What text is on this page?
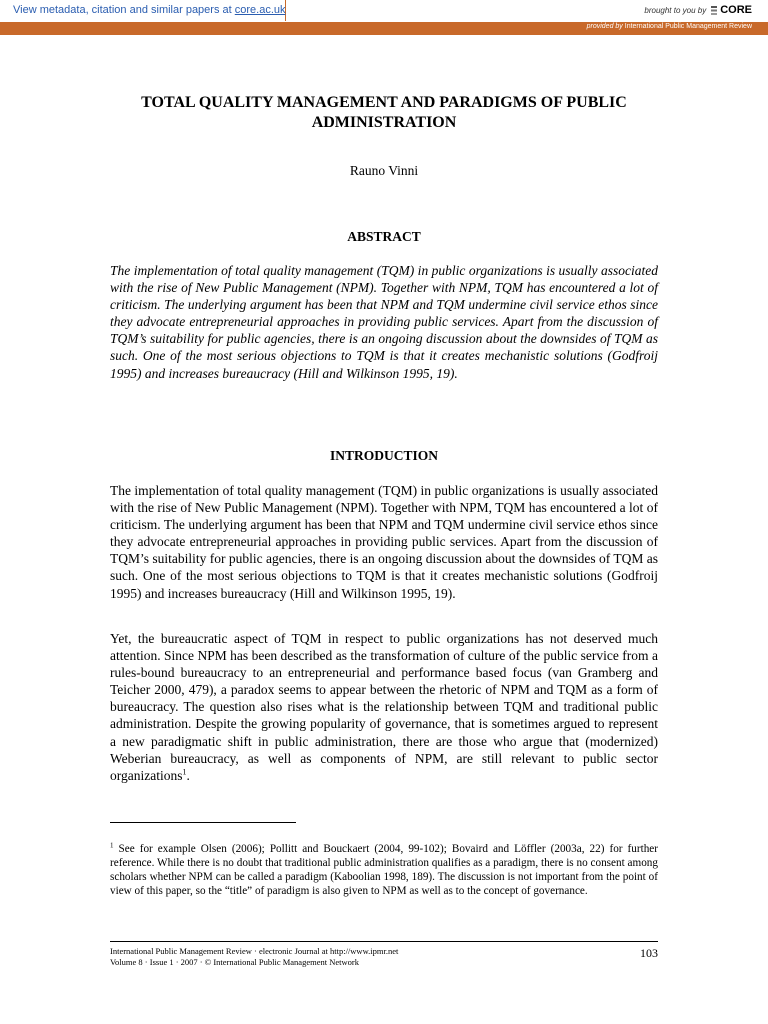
View metadata, citation and similar papers at core.ac.uk	brought to you by CORE
provided by International Public Management Review
TOTAL QUALITY MANAGEMENT AND PARADIGMS OF PUBLIC ADMINISTRATION
Rauno Vinni
ABSTRACT
The implementation of total quality management (TQM) in public organizations is usually associated with the rise of New Public Management (NPM). Together with NPM, TQM has encountered a lot of criticism. The underlying argument has been that NPM and TQM undermine civil service ethos since they advocate entrepreneurial approaches in providing public services. Apart from the discussion of TQM’s suitability for public agencies, there is an ongoing discussion about the downsides of TQM as such. One of the most serious objections to TQM is that it creates mechanistic solutions (Godfroij 1995) and increases bureaucracy (Hill and Wilkinson 1995, 19).
INTRODUCTION
The implementation of total quality management (TQM) in public organizations is usually associated with the rise of New Public Management (NPM). Together with NPM, TQM has encountered a lot of criticism. The underlying argument has been that NPM and TQM undermine civil service ethos since they advocate entrepreneurial approaches in providing public services. Apart from the discussion of TQM’s suitability for public agencies, there is an ongoing discussion about the downsides of TQM as such. One of the most serious objections to TQM is that it creates mechanistic solutions (Godfroij 1995) and increases bureaucracy (Hill and Wilkinson 1995, 19).
Yet, the bureaucratic aspect of TQM in respect to public organizations has not deserved much attention. Since NPM has been described as the transformation of culture of the public service from a rules-bound bureaucracy to an entrepreneurial and performance based focus (van Gramberg and Teicher 2000, 479), a paradox seems to appear between the rhetoric of NPM and TQM as a form of bureaucracy. The question also rises what is the relationship between TQM and traditional public administration. Despite the growing popularity of governance, that is sometimes argued to represent a new paradigmatic shift in public administration, there are those who argue that (modernized) Weberian bureaucracy, as well as components of NPM, are still relevant to public sector organizations$^1$.
$^1$ See for example Olsen (2006); Pollitt and Bouckaert (2004, 99-102); Bovaird and Löffler (2003a, 22) for further reference. While there is no doubt that traditional public administration qualifies as a paradigm, there is no consent among scholars whether NPM can be called a paradigm (Kaboolian 1998, 189). The discussion is not important from the point of view of this paper, so the “title” of paradigm is also given to NPM as well as to the concept of governance.
International Public Management Review · electronic Journal at http://www.ipmr.net
Volume 8 · Issue 1 · 2007 · © International Public Management Network
103
